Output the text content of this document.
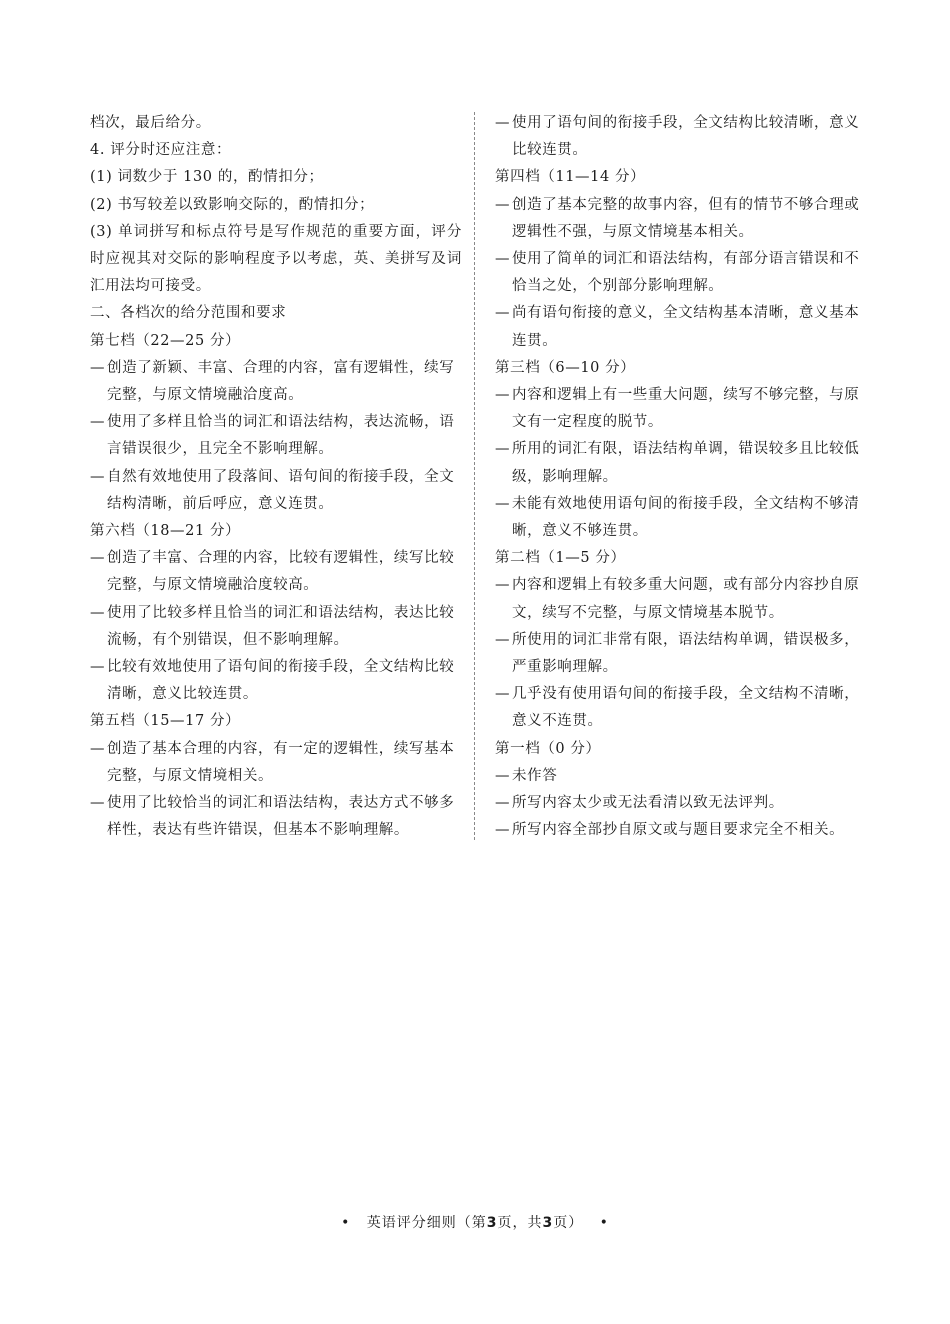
档次，最后给分。
4. 评分时还应注意：
(1) 词数少于 130 的，酌情扣分；
(2) 书写较差以致影响交际的，酌情扣分；
(3) 单词拼写和标点符号是写作规范的重要方面，评分时应视其对交际的影响程度予以考虑，英、美拼写及词汇用法均可接受。
二、各档次的给分范围和要求
第七档（22—25 分）
— 创造了新颖、丰富、合理的内容，富有逻辑性，续写完整，与原文情境融洽度高。
— 使用了多样且恰当的词汇和语法结构，表达流畅，语言错误很少，且完全不影响理解。
— 自然有效地使用了段落间、语句间的衔接手段，全文结构清晰，前后呼应，意义连贯。
第六档（18—21 分）
— 创造了丰富、合理的内容，比较有逻辑性，续写比较完整，与原文情境融洽度较高。
— 使用了比较多样且恰当的词汇和语法结构，表达比较流畅，有个别错误，但不影响理解。
— 比较有效地使用了语句间的衔接手段，全文结构比较清晰，意义比较连贯。
第五档（15—17 分）
— 创造了基本合理的内容，有一定的逻辑性，续写基本完整，与原文情境相关。
— 使用了比较恰当的词汇和语法结构，表达方式不够多样性，表达有些许错误，但基本不影响理解。
— 使用了语句间的衔接手段，全文结构比较清晰，意义比较连贯。
第四档（11—14 分）
— 创造了基本完整的故事内容，但有的情节不够合理或逻辑性不强，与原文情境基本相关。
— 使用了简单的词汇和语法结构，有部分语言错误和不恰当之处，个别部分影响理解。
— 尚有语句衔接的意义，全文结构基本清晰，意义基本连贯。
第三档（6—10 分）
— 内容和逻辑上有一些重大问题，续写不够完整，与原文有一定程度的脱节。
— 所用的词汇有限，语法结构单调，错误较多且比较低级，影响理解。
— 未能有效地使用语句间的衔接手段，全文结构不够清晰，意义不够连贯。
第二档（1—5 分）
— 内容和逻辑上有较多重大问题，或有部分内容抄自原文，续写不完整，与原文情境基本脱节。
— 所使用的词汇非常有限，语法结构单调，错误极多，严重影响理解。
— 几乎没有使用语句间的衔接手段，全文结构不清晰，意义不连贯。
第一档（0 分）
— 未作答
— 所写内容太少或无法看清以致无法评判。
— 所写内容全部抄自原文或与题目要求完全不相关。
• 英语评分细则（第3页，共3页） •
